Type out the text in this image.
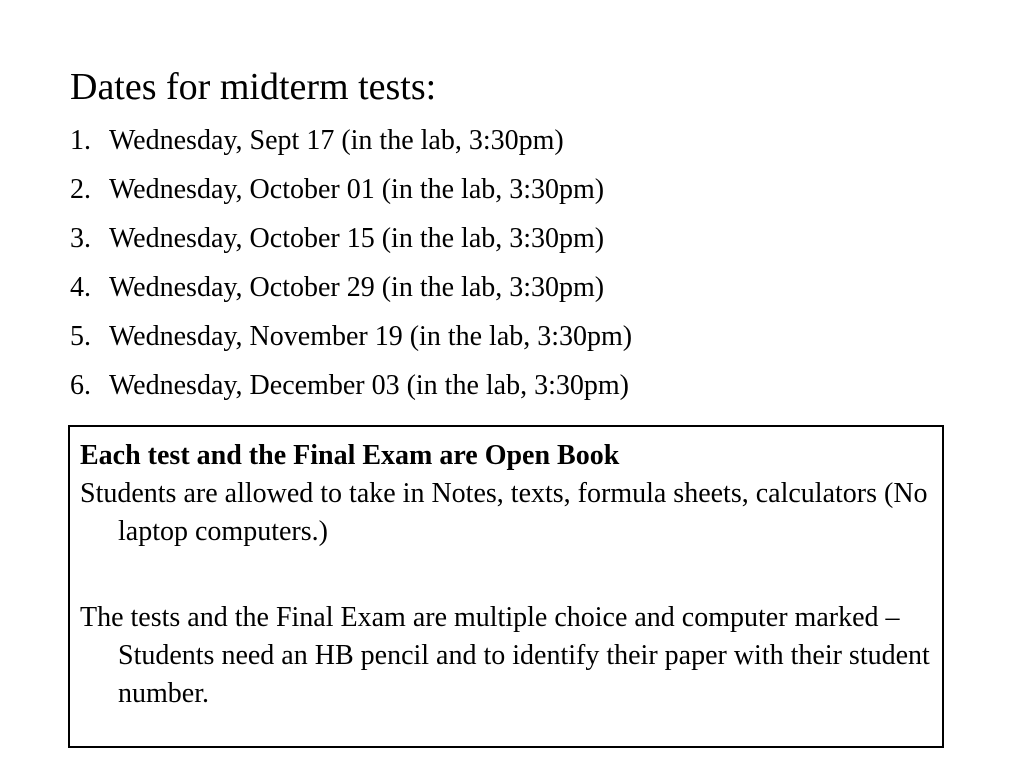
Dates for midterm tests:
1. Wednesday, Sept 17 (in the lab, 3:30pm)
2. Wednesday, October 01 (in the lab, 3:30pm)
3. Wednesday, October 15 (in the lab, 3:30pm)
4. Wednesday, October 29 (in the lab, 3:30pm)
5. Wednesday, November 19 (in the lab, 3:30pm)
6. Wednesday, December 03 (in the lab, 3:30pm)

Each test and the Final Exam are Open Book

Students are allowed to take in Notes, texts, formula sheets, calculators (No laptop computers.)

The tests and the Final Exam are multiple choice and computer marked – Students need an HB pencil and to identify their paper with their student number.
